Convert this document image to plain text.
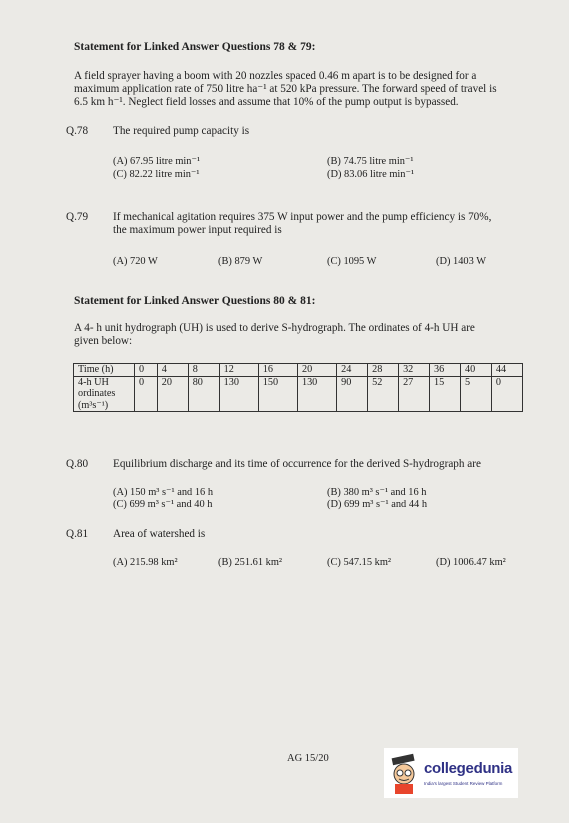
Statement for Linked Answer Questions 78 & 79:
A field sprayer having a boom with 20 nozzles spaced 0.46 m apart is to be designed for a
maximum application rate of 750 litre ha⁻¹ at 520 kPa pressure. The forward speed of travel is
6.5 km h⁻¹. Neglect field losses and assume that 10% of the pump output is bypassed.
Q.78 The required pump capacity is
(A) 67.95 litre min⁻¹	(B) 74.75 litre min⁻¹
(C) 82.22 litre min⁻¹	(D) 83.06 litre min⁻¹
Q.79 If mechanical agitation requires 375 W input power and the pump efficiency is 70%,
the maximum power input required is
(A) 720 W	(B) 879 W	(C) 1095 W	(D) 1403 W
Statement for Linked Answer Questions 80 & 81:
A 4- h unit hydrograph (UH) is used to derive S-hydrograph. The ordinates of 4-h UH are
given below:
Time (h)	0	4	8	12	16	20	24	28	32	36	40	44

4-h UH
ordinates
(m³s⁻¹)	0	20	80	130	150	130	90	52	27	15	5	0
Q.80 Equilibrium discharge and its time of occurrence for the derived S-hydrograph are
(A) 150 m³ s⁻¹ and 16 h	(B) 380 m³ s⁻¹ and 16 h
(C) 699 m³ s⁻¹ and 40 h	(D) 699 m³ s⁻¹ and 44 h
Q.81 Area of watershed is
(A) 215.98 km²	(B) 251.61 km²	(C) 547.15 km²	(D) 1006.47 km²
AG 15/20
collegedunia
India's largest Student Review Platform
